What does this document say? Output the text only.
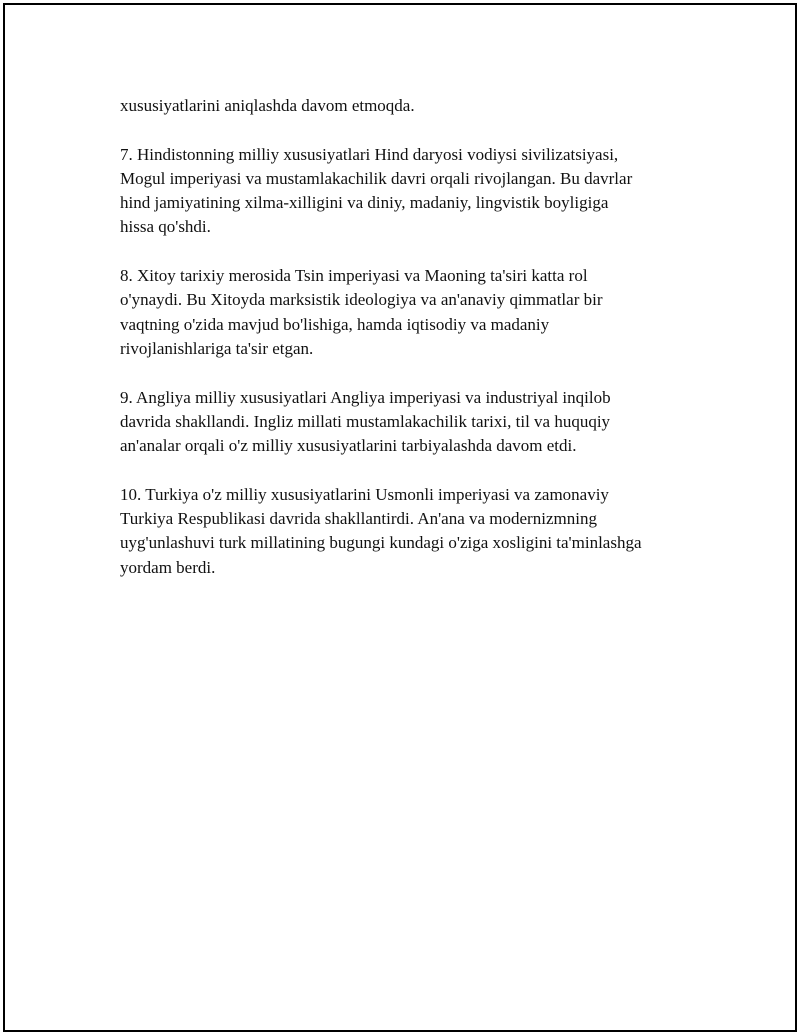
xususiyatlarini aniqlashda davom etmoqda.

7. Hindistonning milliy xususiyatlari Hind daryosi vodiysi sivilizatsiyasi,
Mogul imperiyasi va mustamlakachilik davri orqali rivojlangan. Bu davrlar
hind jamiyatining xilma-xilligini va diniy, madaniy, lingvistik boyligiga
hissa qo'shdi.

8. Xitoy tarixiy merosida Tsin imperiyasi va Maoning ta'siri katta rol
o'ynaydi. Bu Xitoyda marksistik ideologiya va an'anaviy qimmatlar bir
vaqtning o'zida mavjud bo'lishiga, hamda iqtisodiy va madaniy
rivojlanishlariga ta'sir etgan.

9. Angliya milliy xususiyatlari Angliya imperiyasi va industriyal inqilob
davrida shakllandi. Ingliz millati mustamlakachilik tarixi, til va huquqiy
an'analar orqali o'z milliy xususiyatlarini tarbiyalashda davom etdi.

10. Turkiya o'z milliy xususiyatlarini Usmonli imperiyasi va zamonaviy
Turkiya Respublikasi davrida shakllantirdi. An'ana va modernizmning
uyg'unlashuvi turk millatining bugungi kundagi o'ziga xosligini ta'minlashga
yordam berdi.
